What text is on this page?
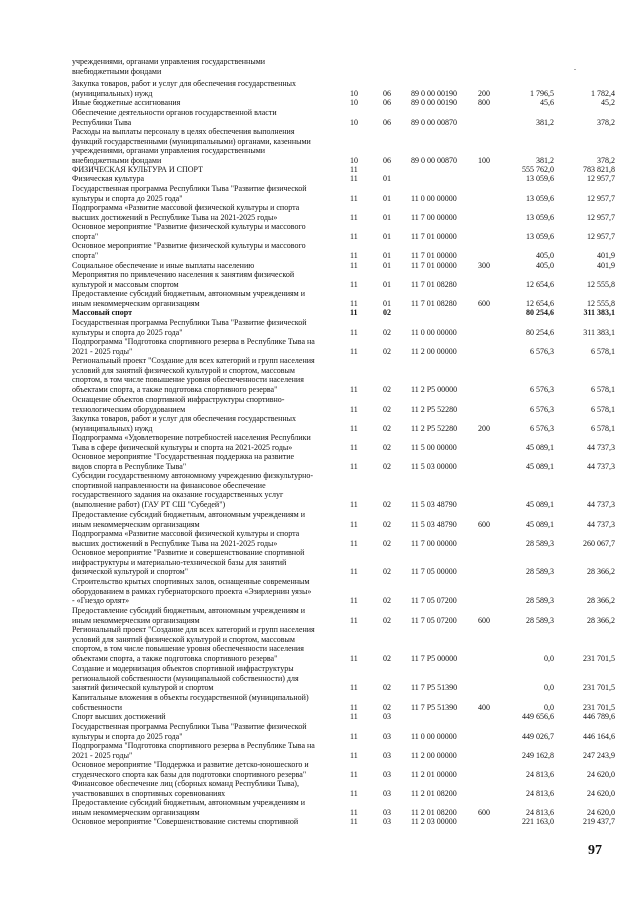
.
учреждениями, органами управления государственными
внебюджетными фондами
Закупка товаров, работ и услуг для обеспечения государственных
(муниципальных) нужд	10	06	89 0 00 00190	200	1 796,5	1 782,4
Иные бюджетные ассигнования	10	06	89 0 00 00190	800	45,6	45,2
Обеспечение деятельности органов государственной власти
Республики Тыва	10	06	89 0 00 00870	381,2	378,2
Расходы на выплаты персоналу в целях обеспечения выполнения
функций государственными (муниципальными) органами, казенными
учреждениями, органами управления государственными
внебюджетными фондами	10	06	89 0 00 00870	100	381,2	378,2
ФИЗИЧЕСКАЯ КУЛЬТУРА И СПОРТ	11	555 762,0	783 821,8
Физическая культура	11	01	13 059,6	12 957,7
Государственная программа Республики Тыва "Развитие физической
культуры и спорта до 2025 года"	11	01	11 0 00 00000	13 059,6	12 957,7
Подпрограмма «Развитие массовой физической культуры и спорта
высших достижений в Республике Тыва на 2021-2025 годы»	11	01	11 7 00 00000	13 059,6	12 957,7
Основное мероприятие "Развитие физической культуры и массового
спорта"	11	01	11 7 01 00000	13 059,6	12 957,7
Основное мероприятие "Развитие физической культуры и массового
спорта"	11	01	11 7 01 00000	405,0	401,9
Социальное обеспечение и иные выплаты населению	11	01	11 7 01 00000	300	405,0	401,9
Мероприятия по привлечению населения к занятиям физической
культурой и массовым спортом	11	01	11 7 01 08280	12 654,6	12 555,8
Предоставление субсидий бюджетным, автономным учреждениям и
иным некоммерческим организациям	11	01	11 7 01 08280	600	12 654,6	12 555,8
Массовый спорт	11	02	80 254,6	311 383,1
Государственная программа Республики Тыва "Развитие физической
культуры и спорта до 2025 года"	11	02	11 0 00 00000	80 254,6	311 383,1
Подпрограмма "Подготовка спортивного резерва в Республике Тыва на
2021 - 2025 годы"	11	02	11 2 00 00000	6 576,3	6 578,1
Региональный проект "Создание для всех категорий и групп населения
условий для занятий физической культурой и спортом, массовым
спортом, в том числе повышение уровня обеспеченности населения
объектами спорта, а также подготовка спортивного резерва"	11	02	11 2 P5 00000	6 576,3	6 578,1
Оснащение объектов спортивной инфраструктуры спортивно-
технологическим оборудованием	11	02	11 2 P5 52280	6 576,3	6 578,1
Закупка товаров, работ и услуг для обеспечения государственных
(муниципальных) нужд	11	02	11 2 P5 52280	200	6 576,3	6 578,1
Подпрограмма «Удовлетворение потребностей населения Республики
Тыва в сфере физической культуры и спорта на 2021-2025 годы»	11	02	11 5 00 00000	45 089,1	44 737,3
Основное мероприятие "Государственная поддержка на развитие
видов спорта в Республике Тыва"	11	02	11 5 03 00000	45 089,1	44 737,3
Субсидии государственному автономному учреждению физкультурно-
спортивной направленности на финансовое обеспечение
государственного задания на оказание государственных услуг
(выполнение работ) (ГАУ РТ СШ "Субедей")	11	02	11 5 03 48790	45 089,1	44 737,3
Предоставление субсидий бюджетным, автономным учреждениям и
иным некоммерческим организациям	11	02	11 5 03 48790	600	45 089,1	44 737,3
Подпрограмма «Развитие массовой физической культуры и спорта
высших достижений в Республике Тыва на 2021-2025 годы»	11	02	11 7 00 00000	28 589,3	260 067,7
Основное мероприятие "Развитие и совершенствование спортивной
инфраструктуры и материально-технической базы для занятий
физической культурой и спортом"	11	02	11 7 05 00000	28 589,3	28 366,2
Строительство крытых спортивных залов, оснащенные современным
оборудованием в рамках губернаторского проекта «Эзирлернин уязы»
- «Гнездо орлят»	11	02	11 7 05 07200	28 589,3	28 366,2
Предоставление субсидий бюджетным, автономным учреждениям и
иным некоммерческим организациям	11	02	11 7 05 07200	600	28 589,3	28 366,2
Региональный проект "Создание для всех категорий и групп населения
условий для занятий физической культурой и спортом, массовым
спортом, в том числе повышение уровня обеспеченности населения
объектами спорта, а также подготовка спортивного резерва"	11	02	11 7 P5 00000	0,0	231 701,5
Создание и модернизация объектов спортивной инфраструктуры
региональной собственности (муниципальной собственности) для
занятий физической культурой и спортом	11	02	11 7 P5 51390	0,0	231 701,5
Капитальные вложения в объекты государственной (муниципальной)
собственности	11	02	11 7 P5 51390	400	0,0	231 701,5
Спорт высших достижений	11	03	449 656,6	446 789,6
Государственная программа Республики Тыва "Развитие физической
культуры и спорта до 2025 года"	11	03	11 0 00 00000	449 026,7	446 164,6
Подпрограмма "Подготовка спортивного резерва в Республике Тыва на
2021 - 2025 годы"	11	03	11 2 00 00000	249 162,8	247 243,9
Основное мероприятие "Поддержка и развитие детско-юношеского и
студенческого спорта как базы для подготовки спортивного резерва"	11	03	11 2 01 00000	24 813,6	24 620,0
Финансовое обеспечение лиц (сборных команд Республики Тыва),
участвовавших в спортивных соревнованиях	11	03	11 2 01 08200	24 813,6	24 620,0
Предоставление субсидий бюджетным, автономным учреждениям и
иным некоммерческим организациям	11	03	11 2 01 08200	600	24 813,6	24 620,0
Основное мероприятие "Совершенствование системы спортивной	11	03	11 2 03 00000	221 163,0	219 437,7
97
